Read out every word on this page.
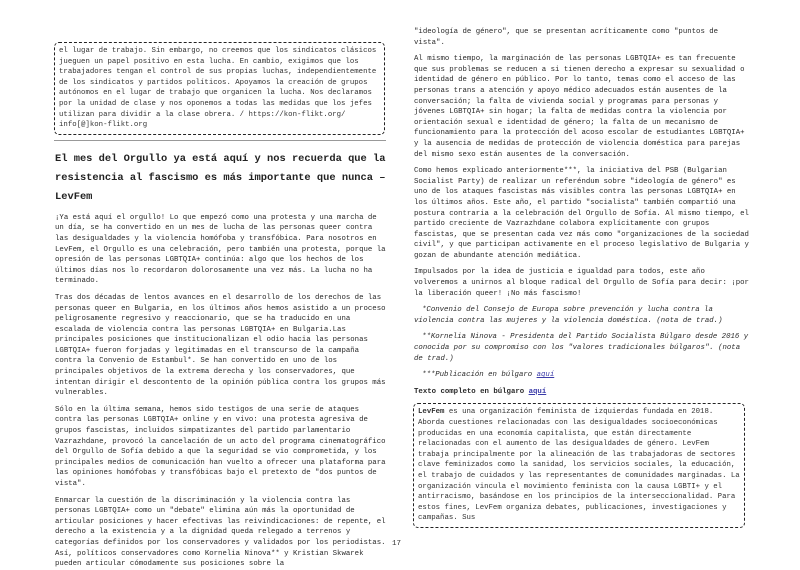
el lugar de trabajo. Sin embargo, no creemos que los sindicatos clásicos jueguen un papel positivo en esta lucha. En cambio, exigimos que los trabajadores tengan el control de sus propias luchas, independientemente de los sindicatos y partidos políticos. Apoyamos la creación de grupos autónomos en el lugar de trabajo que organicen la lucha. Nos declaramos por la unidad de clase y nos oponemos a todas las medidas que los jefes utilizan para dividir a la clase obrera. / https://kon-flikt.org/ info[@]kon-flikt.org

El mes del Orgullo ya está aquí y nos recuerda que la resistencia al fascismo es más importante que nunca – LevFem

¡Ya está aquí el orgullo! Lo que empezó como una protesta y una marcha de un día, se ha convertido en un mes de lucha de las personas queer contra las desigualdades y la violencia homófoba y transfóbica. Para nosotros en LevFem, el Orgullo es una celebración, pero también una protesta, porque la opresión de las personas LGBTQIA+ continúa: algo que los hechos de los últimos días nos lo recordaron dolorosamente una vez más. La lucha no ha terminado.

Tras dos décadas de lentos avances en el desarrollo de los derechos de las personas queer en Bulgaria, en los últimos años hemos asistido a un proceso peligrosamente regresivo y reaccionario, que se ha traducido en una escalada de violencia contra las personas LGBTQIA+ en Bulgaria.Las principales posiciones que institucionalizan el odio hacia las personas LGBTQIA+ fueron forjadas y legitimadas en el transcurso de la campaña contra la Convenio de Estambul*. Se han convertido en uno de los principales objetivos de la extrema derecha y los conservadores, que intentan dirigir el descontento de la opinión pública contra los grupos más vulnerables.

Sólo en la última semana, hemos sido testigos de una serie de ataques contra las personas LGBTQIA+ online y en vivo: una protesta agresiva de grupos fascistas, incluidos simpatizantes del partido parlamentario Vazrazhdane, provocó la cancelación de un acto del programa cinematográfico del Orgullo de Sofía debido a que la seguridad se vio comprometida, y los principales medios de comunicación han vuelto a ofrecer una plataforma para las opiniones homófobas y transfóbicas bajo el pretexto de "dos puntos de vista".

Enmarcar la cuestión de la discriminación y la violencia contra las personas LGBTQIA+ como un "debate" elimina aún más la oportunidad de articular posiciones y hacer efectivas las reivindicaciones: de repente, el derecho a la existencia y a la dignidad queda relegado a terrenos y categorías definidos por los conservadores y validados por los periodistas. Así, políticos conservadores como Kornelia Ninova** y Kristian Skwarek pueden articular cómodamente sus posiciones sobre la

"ideología de género", que se presentan acríticamente como "puntos de vista".

Al mismo tiempo, la marginación de las personas LGBTQIA+ es tan frecuente que sus problemas se reducen a si tienen derecho a expresar su sexualidad o identidad de género en público. Por lo tanto, temas como el acceso de las personas trans a atención y apoyo médico adecuados están ausentes de la conversación; la falta de vivienda social y programas para personas y jóvenes LGBTQIA+ sin hogar; la falta de medidas contra la violencia por orientación sexual e identidad de género; la falta de un mecanismo de funcionamiento para la protección del acoso escolar de estudiantes LGBTQIA+ y la ausencia de medidas de protección de violencia doméstica para parejas del mismo sexo están ausentes de la conversación.

Como hemos explicado anteriormente***, la iniciativa del PSB (Bulgarian Socialist Party) de realizar un referéndum sobre "ideología de género" es uno de los ataques fascistas más visibles contra las personas LGBTQIA+ en los últimos años. Este año, el partido "socialista" también compartió una postura contraria a la celebración del Orgullo de Sofía. Al mismo tiempo, el partido creciente de Vazrazhdane colabora explícitamente con grupos fascistas, que se presentan cada vez más como "organizaciones de la sociedad civil", y que participan activamente en el proceso legislativo de Bulgaria y gozan de abundante atención mediática.

Impulsados por la idea de justicia e igualdad para todos, este año volveremos a unirnos al bloque radical del Orgullo de Sofía para decir: ¡por la liberación queer! ¡No más fascismo!

*Convenio del Consejo de Europa sobre prevención y lucha contra la violencia contra las mujeres y la violencia doméstica. (nota de trad.)

**Kornelia Ninova - Presidenta del Partido Socialista Búlgaro desde 2016 y conocida por su compromiso con los "valores tradicionales búlgaros". (nota de trad.)

***Publicación en búlgaro aquí

Texto completo en búlgaro aquí

LevFem es una organización feminista de izquierdas fundada en 2018. Aborda cuestiones relacionadas con las desigualdades socioeconómicas producidas en una economía capitalista, que están directamente relacionadas con el aumento de las desigualdades de género. LevFem trabaja principalmente por la alineación de las trabajadoras de sectores clave feminizados como la sanidad, los servicios sociales, la educación, el trabajo de cuidados y las representantes de comunidades marginadas. La organización vincula el movimiento feminista con la causa LGBTI+ y el antirracismo, basándose en los principios de la interseccionalidad. Para estos fines, LevFem organiza debates, publicaciones, investigaciones y campañas. Sus

17
